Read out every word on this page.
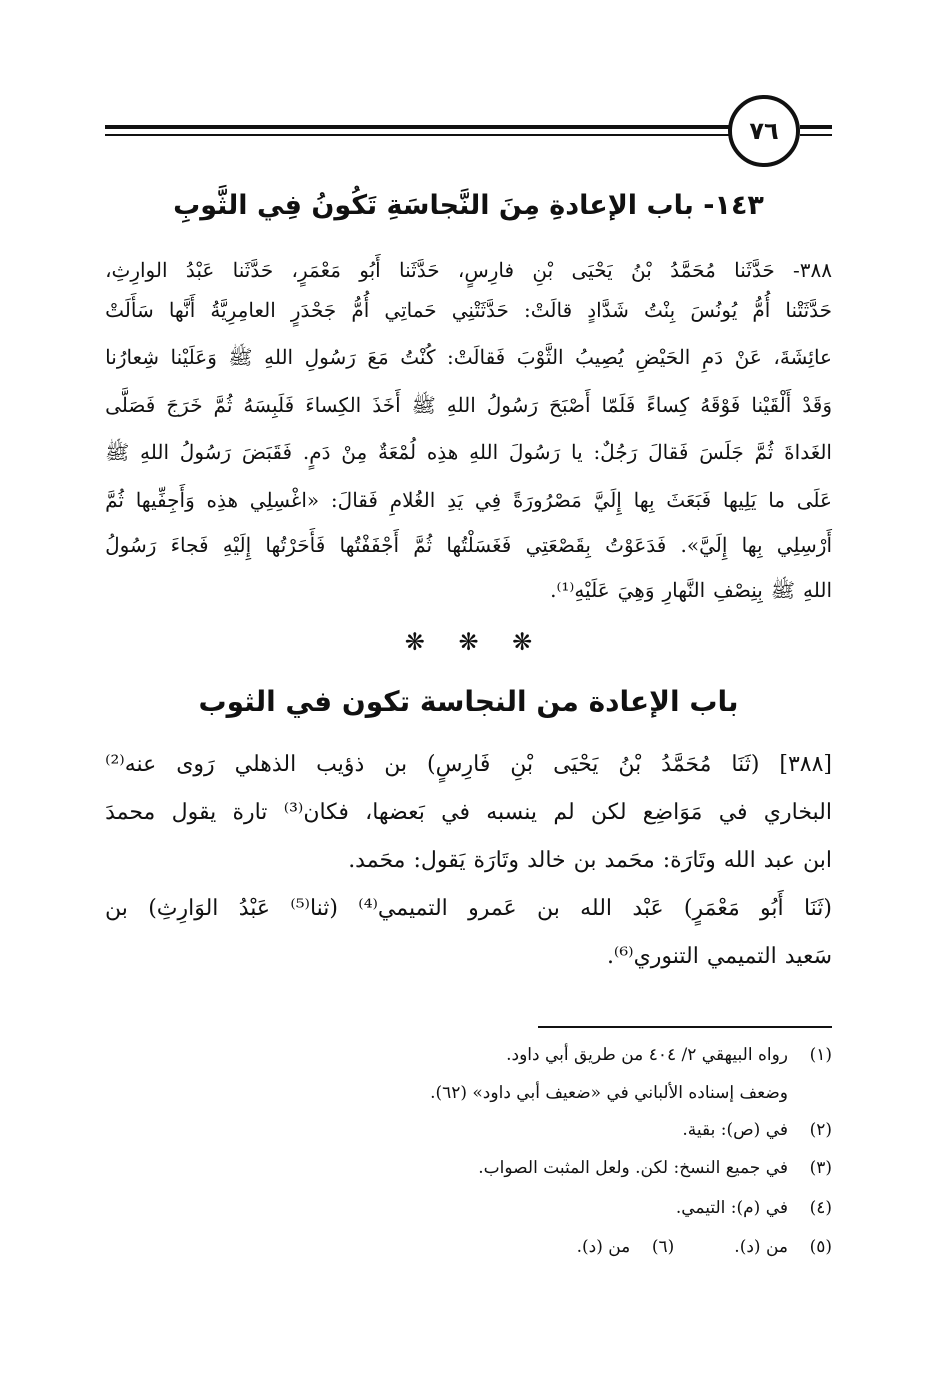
٧٦
١٤٣- باب الإعادةِ مِنَ النَّجاسَةِ تَكُونُ فِي الثَّوبِ
٣٨٨-
حَدَّثَنا
مُحَمَّدُ
بْنُ
يَحْيَى
بْنِ
فارِسٍ،
حَدَّثَنا
أَبُو
مَعْمَرٍ،
حَدَّثَنا
عَبْدُ
الوارِثِ،
حَدَّثَتْنا
أُمُّ
يُونُسَ
بِنْتُ
شَدَّادٍ
قالَتْ:
حَدَّثَتْنِي
حَماتِي
أُمُّ
جَحْدَرٍ
العامِرِيَّةُ
أَنَّها
سَأَلَتْ
عائِشَةَ،
عَنْ
دَمِ
الحَيْضِ
يُصِيبُ
الثَّوْبَ
فَقالَتْ:
كُنْتُ
مَعَ
رَسُولِ
اللهِ
ﷺ
وَعَلَيْنا
شِعارُنا
وَقَدْ
أَلْقَيْنا
فَوْقَهُ
كِساءً
فَلَمّا
أَصْبَحَ
رَسُولُ
اللهِ
ﷺ
أَخَذَ
الكِساءَ
فَلَبِسَهُ
ثُمَّ
خَرَجَ
فَصَلَّى
الغَداةَ
ثُمَّ
جَلَسَ
فَقالَ
رَجُلٌ:
يا
رَسُولَ
اللهِ
هذِه
لُمْعَةٌ
مِنْ
دَمٍ.
فَقَبَضَ
رَسُولُ
اللهِ
ﷺ
عَلَى
ما
يَلِيها
فَبَعَثَ
بِها
إِلَيَّ
مَصْرُورَةً
فِي
يَدِ
الغُلامِ
فَقالَ:
«اغْسِلِي
هذِه
وَأَجِفِّيها
ثُمَّ
أَرْسِلِي
بِها
إِلَيَّ».
فَدَعَوْتُ
بِقَصْعَتِي
فَغَسَلْتُها
ثُمَّ
أَجْفَفْتُها
فَأَحَرْتُها
إِلَيْهِ
فَجاءَ
رَسُولُ
اللهِ
ﷺ
بِنِصْفِ
النَّهارِ
وَهِيَ
عَلَيْهِ⁽¹⁾.
❋ ❋ ❋
باب الإعادة من النجاسة تكون في الثوب
[٣٨٨]
(ثَنَا
مُحَمَّدُ
بْنُ
يَحْيَى
بْنِ
فَارِسٍ)
بن
ذؤيب
الذهلي
رَوى
عنه⁽²⁾
البخاري
في
مَوَاضِع
لكن
لم
ينسبه
في
بَعضها،
فكان⁽³⁾
تارة
يقول
محمدَ
ابن
عبد
الله
وتَارَة:
محَمد
بن
خالد
وتَارَة
يَقول:
محَمد.
(ثَنَا
أَبُو
مَعْمَرٍ)
عَبْد
الله
بن
عَمرو
التميمي⁽⁴⁾
(ثنا⁽⁵⁾
عَبْدُ
الوَارِثِ)
بن
سَعيد
التميمي
التنوري⁽⁶⁾.
(١)رواه البيهقي ٢/ ٤٠٤ من طريق أبي داود.
وضعف إسناده الألباني في «ضعيف أبي داود» (٦٢).
(٢)في (ص): بقية.
(٣)في جميع النسخ: لكن. ولعل المثبت الصواب.
(٤)في (م): التيمي.
(٥)من (د).(٦)من (د).
